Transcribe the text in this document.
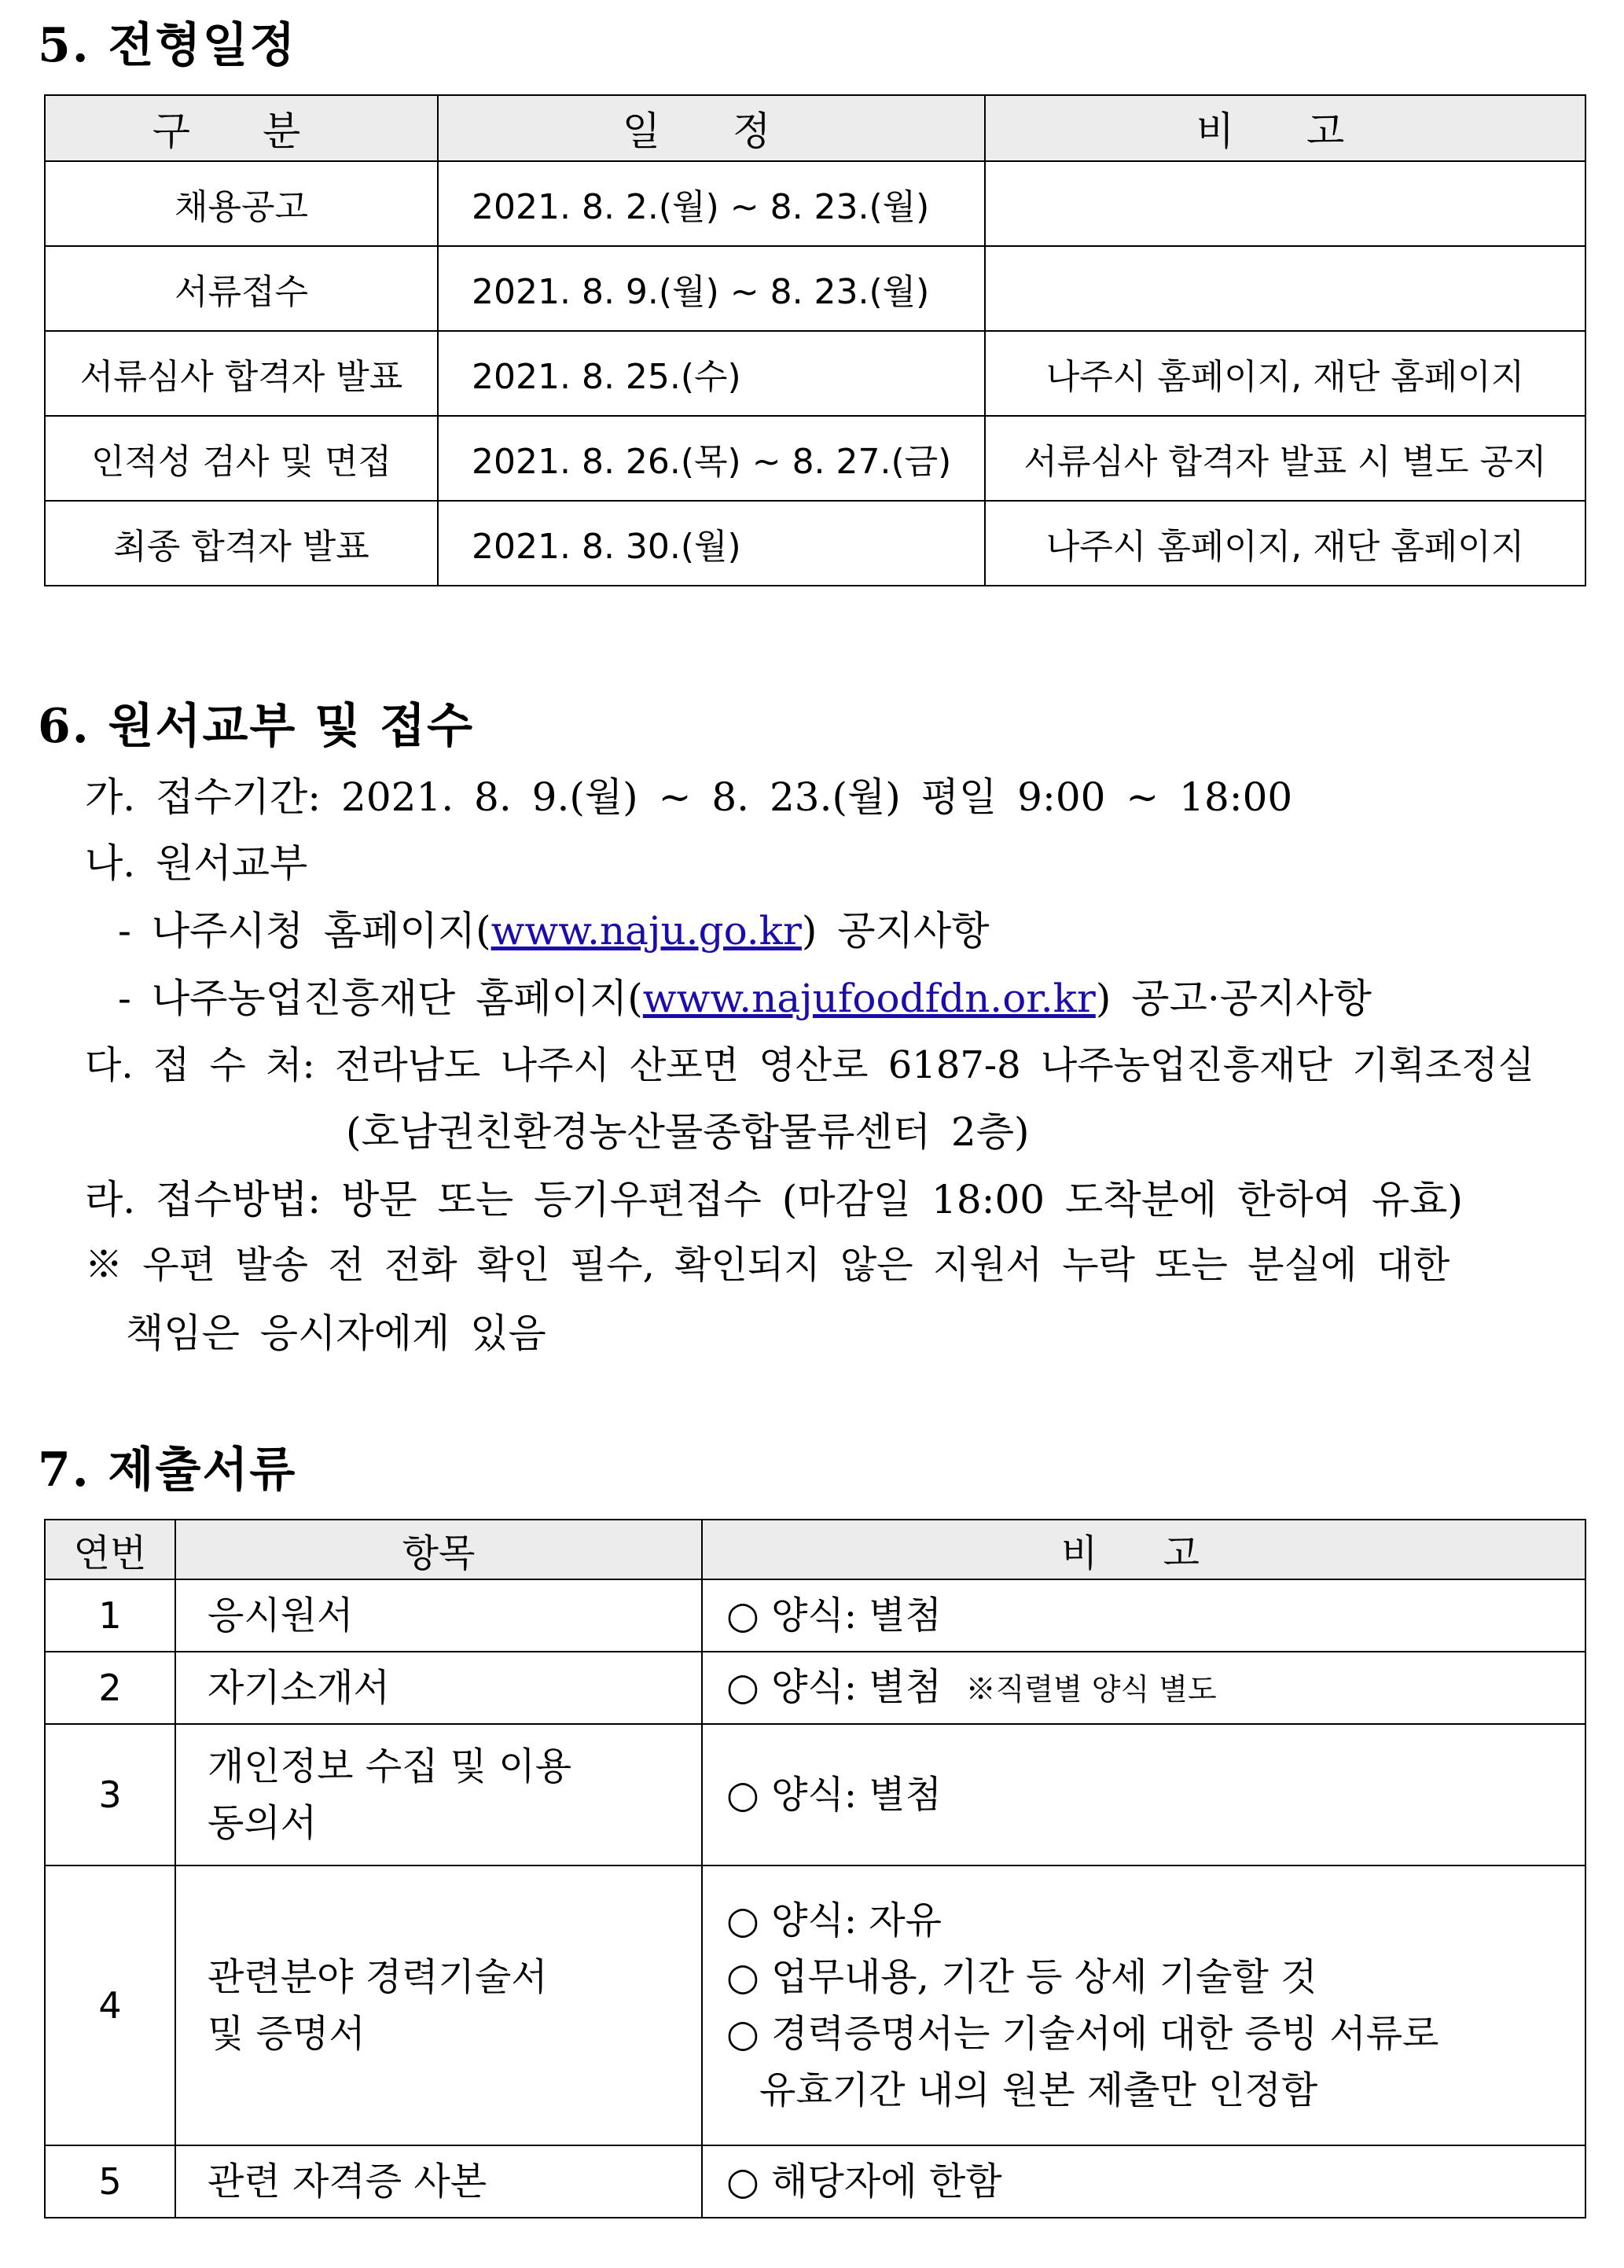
5. 전형일정
구 분	일 정	비 고
채용공고	2021. 8. 2.(월) ~ 8. 23.(월)	
서류접수	2021. 8. 9.(월) ~ 8. 23.(월)	
서류심사 합격자 발표	2021. 8. 25.(수)	나주시 홈페이지, 재단 홈페이지
인적성 검사 및 면접	2021. 8. 26.(목) ~ 8. 27.(금)	서류심사 합격자 발표 시 별도 공지
최종 합격자 발표	2021. 8. 30.(월)	나주시 홈페이지, 재단 홈페이지
6. 원서교부 및 접수

가. 접수기간: 2021. 8. 9.(월) ~ 8. 23.(월) 평일 9:00 ~ 18:00

나. 원서교부

- 나주시청 홈페이지(www.naju.go.kr) 공지사항

- 나주농업진흥재단 홈페이지(www.najufoodfdn.or.kr) 공고·공지사항

다. 접 수 처: 전라남도 나주시 산포면 영산로 6187-8 나주농업진흥재단 기획조정실

(호남권친환경농산물종합물류센터 2층)

라. 접수방법: 방문 또는 등기우편접수 (마감일 18:00 도착분에 한하여 유효)

※ 우편 발송 전 전화 확인 필수, 확인되지 않은 지원서 누락 또는 분실에 대한

책임은 응시자에게 있음

7. 제출서류
연번	항목	비 고
1	응시원서	○ 양식: 별첨
2	자기소개서	○ 양식: 별첨 ※직렬별 양식 별도
3	개인정보 수집 및 이용
동의서	○ 양식: 별첨
4	관련분야 경력기술서
및 증명서	○ 양식: 자유
○ 업무내용, 기간 등 상세 기술할 것
○ 경력증명서는 기술서에 대한 증빙 서류로
유효기간 내의 원본 제출만 인정함

5	관련 자격증 사본	○ 해당자에 한함
